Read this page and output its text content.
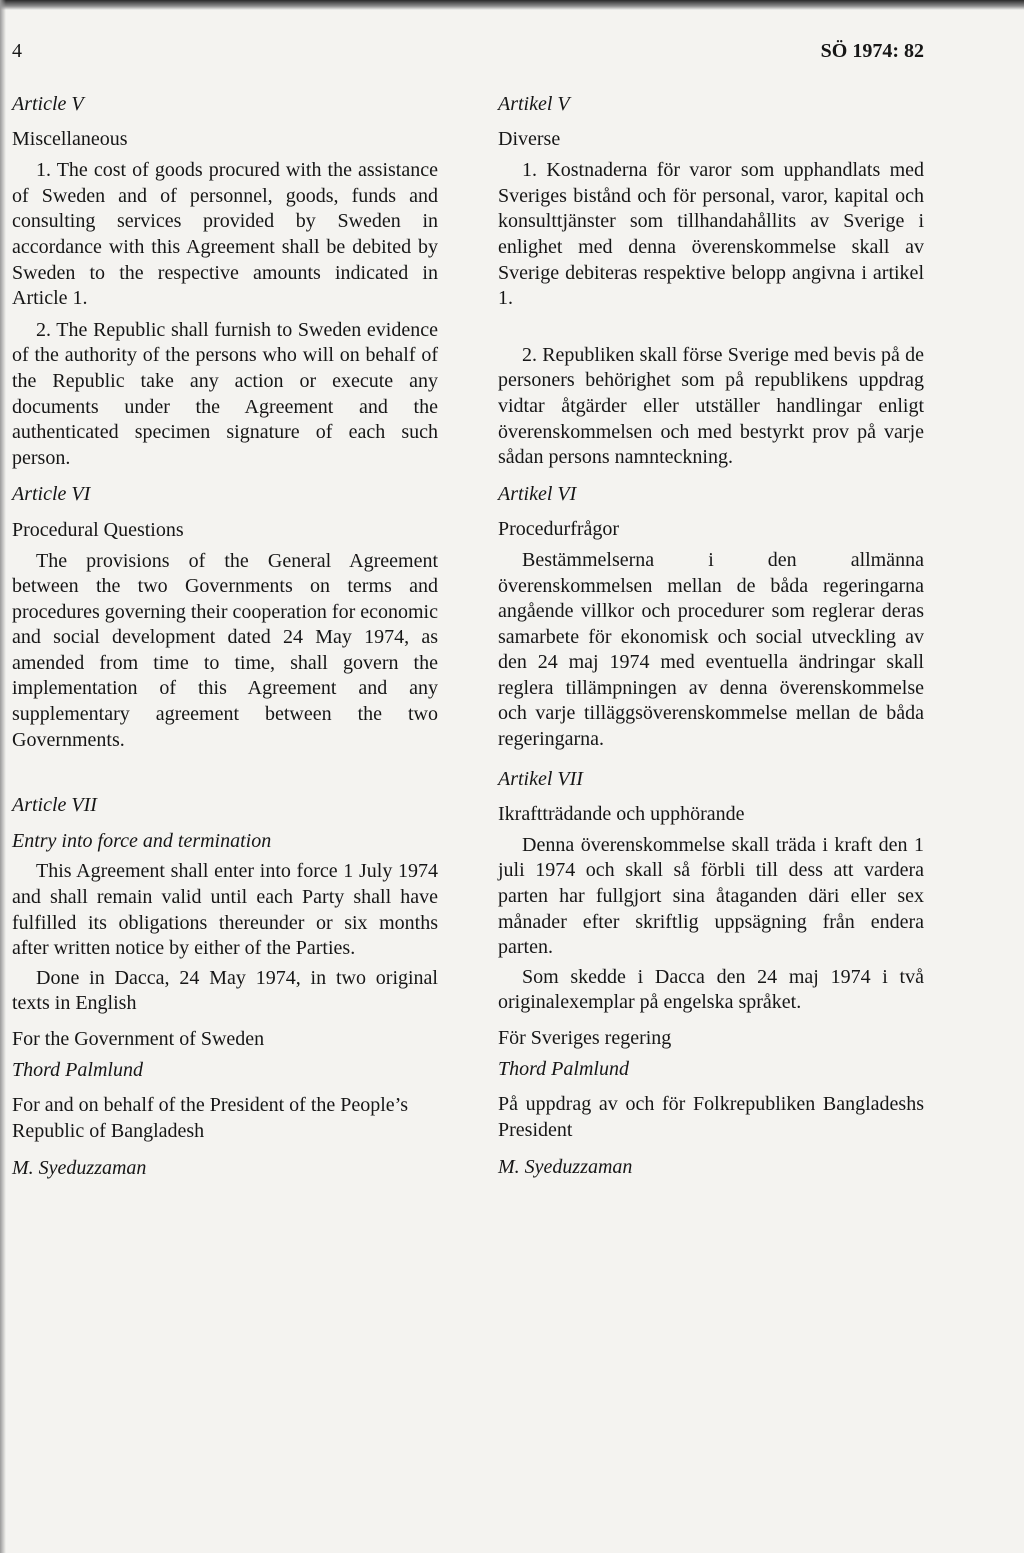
4	SÖ 1974: 82

Article V

Miscellaneous

1. The cost of goods procured with the assistance of Sweden and of personnel, goods, funds and consulting services provided by Sweden in accordance with this Agreement shall be debited by Sweden to the respective amounts indicated in Article 1.

2. The Republic shall furnish to Sweden evidence of the authority of the persons who will on behalf of the Republic take any action or execute any documents under the Agreement and the authenticated specimen signature of each such person.

Article VI

Procedural Questions

The provisions of the General Agreement between the two Governments on terms and procedures governing their cooperation for economic and social development dated 24 May 1974, as amended from time to time, shall govern the implementation of this Agreement and any supplementary agreement between the two Governments.

Article VII

Entry into force and termination

This Agreement shall enter into force 1 July 1974 and shall remain valid until each Party shall have fulfilled its obligations thereunder or six months after written notice by either of the Parties.

Done in Dacca, 24 May 1974, in two original texts in English

For the Government of Sweden

Thord Palmlund

For and on behalf of the President of the People’s Republic of Bangladesh

M. Syeduzzaman

Artikel V

Diverse

1. Kostnaderna för varor som upphandlats med Sveriges bistånd och för personal, varor, kapital och konsulttjänster som tillhandahållits av Sverige i enlighet med denna överenskommelse skall av Sverige debiteras respektive belopp angivna i artikel 1.

2. Republiken skall förse Sverige med bevis på de personers behörighet som på republikens uppdrag vidtar åtgärder eller utställer handlingar enligt överenskommelsen och med bestyrkt prov på varje sådan persons namnteckning.

Artikel VI

Procedurfrågor

Bestämmelserna i den allmänna överenskommelsen mellan de båda regeringarna angående villkor och procedurer som reglerar deras samarbete för ekonomisk och social utveckling av den 24 maj 1974 med eventuella ändringar skall reglera tillämpningen av denna överenskommelse och varje tilläggsöverenskommelse mellan de båda regeringarna.

Artikel VII

Ikraftträdande och upphörande

Denna överenskommelse skall träda i kraft den 1 juli 1974 och skall så förbli till dess att vardera parten har fullgjort sina åtaganden däri eller sex månader efter skriftlig uppsägning från endera parten.

Som skedde i Dacca den 24 maj 1974 i två originalexemplar på engelska språket.

För Sveriges regering

Thord Palmlund

På uppdrag av och för Folkrepubliken Bangladeshs President

M. Syeduzzaman
